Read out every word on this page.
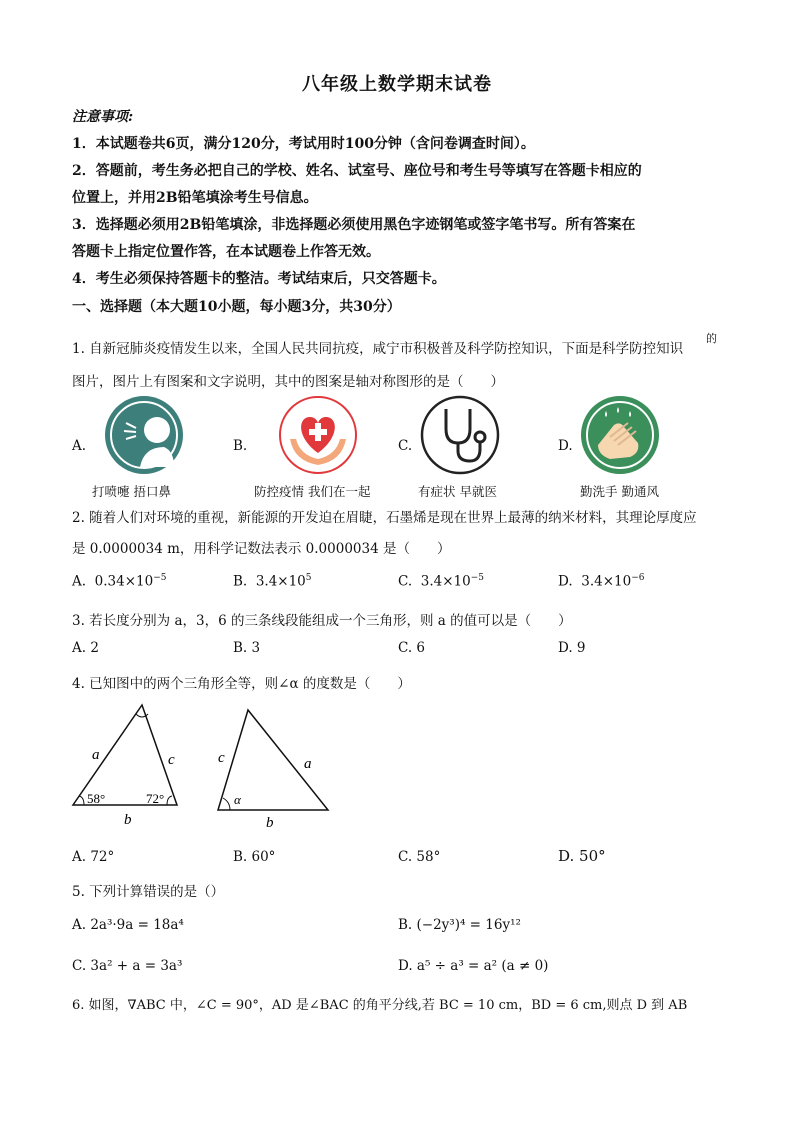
八年级上数学期末试卷
注意事项:
1．本试题卷共6页，满分120分，考试用时100分钟（含问卷调查时间）。
2．答题前，考生务必把自己的学校、姓名、试室号、座位号和考生号等填写在答题卡相应的
位置上，并用2B铅笔填涂考生号信息。
3．选择题必须用2B铅笔填涂，非选择题必须使用黑色字迹钢笔或签字笔书写。所有答案在
答题卡上指定位置作答，在本试题卷上作答无效。
4．考生必须保持答题卡的整洁。考试结束后，只交答题卡。
一、选择题（本大题10小题，每小题3分，共30分）
1. 自新冠肺炎疫情发生以来，全国人民共同抗疫，咸宁市积极普及科学防控知识，下面是科学防控知识
的
图片，图片上有图案和文字说明，其中的图案是轴对称图形的是（　　）
A.
打喷嚏 捂口鼻
B.
防控疫情 我们在一起
C.
有症状 早就医
D.
勤洗手 勤通风
2. 随着人们对环境的重视，新能源的开发迫在眉睫，石墨烯是现在世界上最薄的纳米材料，其理论厚度应
是 0.0000034 m，用科学记数法表示 0.0000034 是（　　）
A. $0.34\times 10^{-5}$	B. $3.4\times 10^5$	C. $3.4\times 10^{-5}$	D. $3.4\times 10^{-6}$
3. 若长度分别为 a，3，6 的三条线段能组成一个三角形，则 a 的值可以是（　　）
A. 2	B. 3	C. 6	D. 9
4. 已知图中的两个三角形全等，则∠α 的度数是（　　）
a	c
b
58°	72°
c	a
b
α
A. 72°	B. 60°	C. 58°	D. 50°
5. 下列计算错误的是（）
A. 2a³·9a = 18a⁴	B. (−2y³)⁴ = 16y¹²
C. 3a² + a = 3a³	D. a⁵ ÷ a³ = a² (a ≠ 0)
6. 如图，∇ABC 中，∠C = 90°，AD 是∠BAC 的角平分线,若 BC = 10 cm，BD = 6 cm,则点 D 到 AB
